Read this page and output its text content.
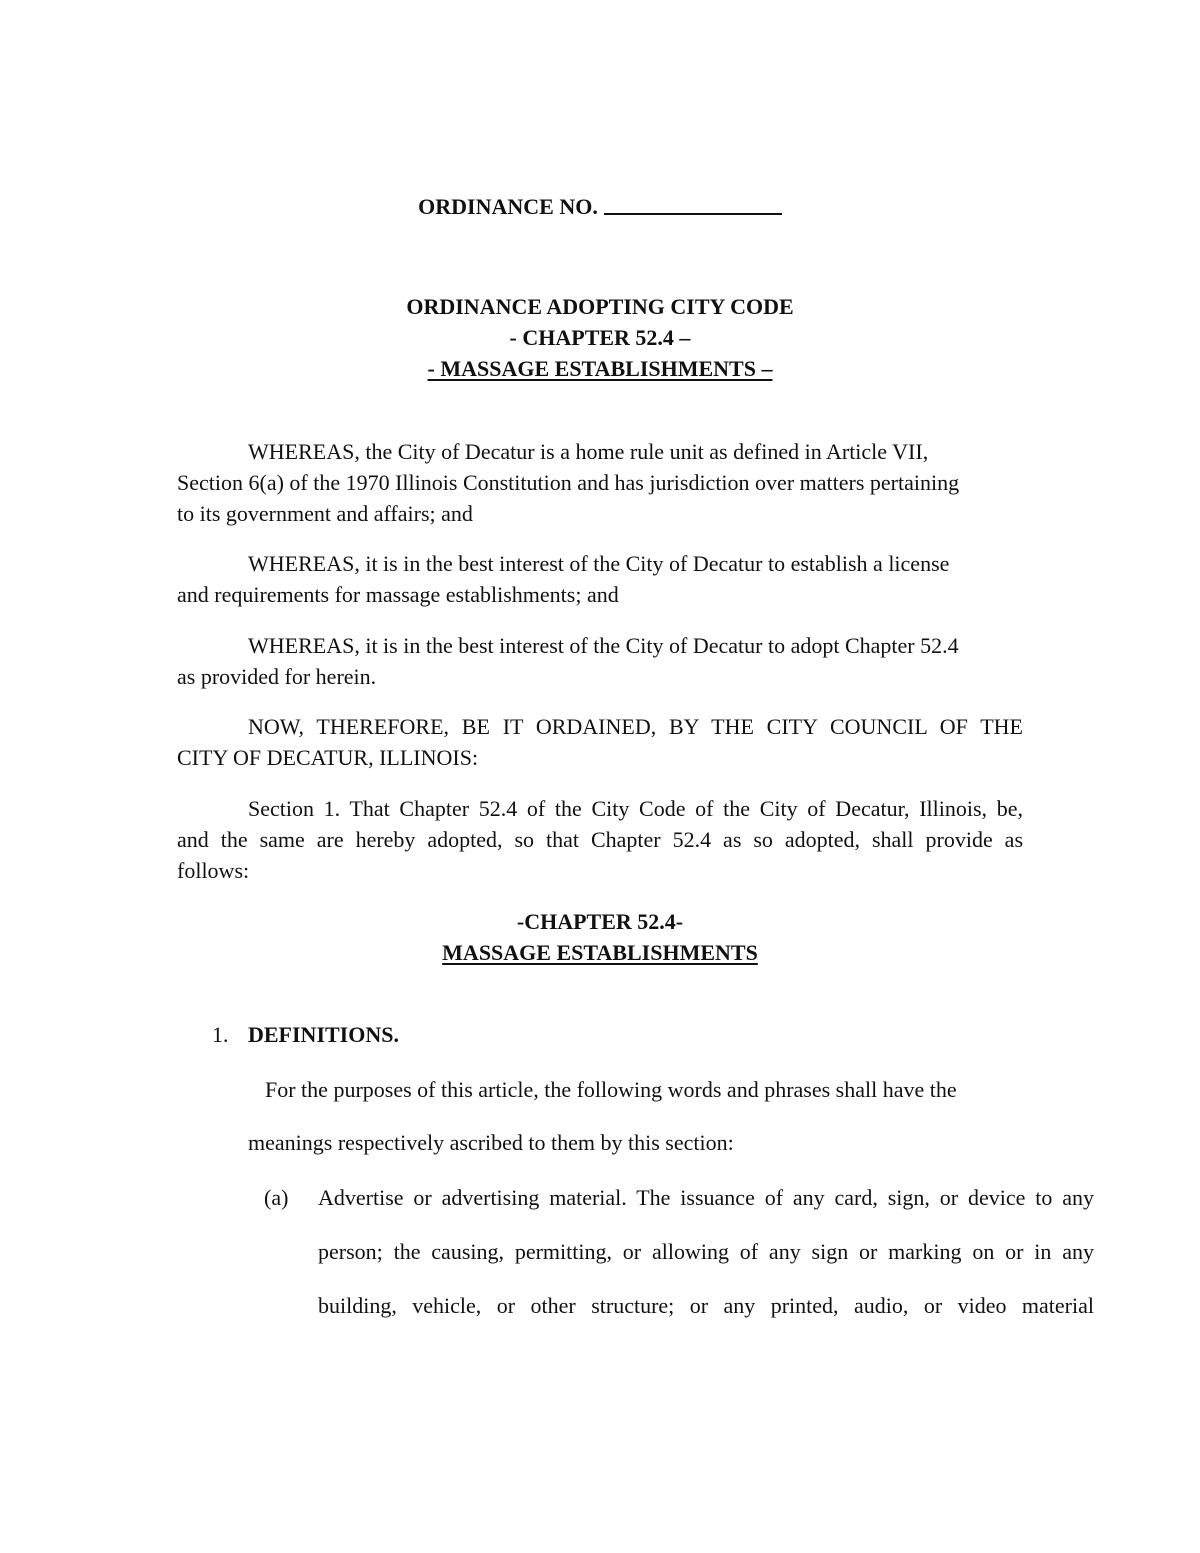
ORDINANCE NO.
ORDINANCE ADOPTING CITY CODE
- CHAPTER 52.4 –
- MASSAGE ESTABLISHMENTS –
WHEREAS, the City of Decatur is a home rule unit as defined in Article VII,
Section 6(a) of the 1970 Illinois Constitution and has jurisdiction over matters pertaining
to its government and affairs; and
WHEREAS, it is in the best interest of the City of Decatur to establish a license
and requirements for massage establishments; and
WHEREAS, it is in the best interest of the City of Decatur to adopt Chapter 52.4
as provided for herein.
NOW, THEREFORE, BE IT ORDAINED, BY THE CITY COUNCIL OF THE
CITY OF DECATUR, ILLINOIS:
Section 1. That Chapter 52.4 of the City Code of the City of Decatur, Illinois, be,
and the same are hereby adopted, so that Chapter 52.4 as so adopted, shall provide as
follows:
-CHAPTER 52.4-
MASSAGE ESTABLISHMENTS
1. DEFINITIONS.
For the purposes of this article, the following words and phrases shall have the
meanings respectively ascribed to them by this section:
(a) Advertise or advertising material. The issuance of any card, sign, or device to any
person; the causing, permitting, or allowing of any sign or marking on or in any
building, vehicle, or other structure; or any printed, audio, or video material
